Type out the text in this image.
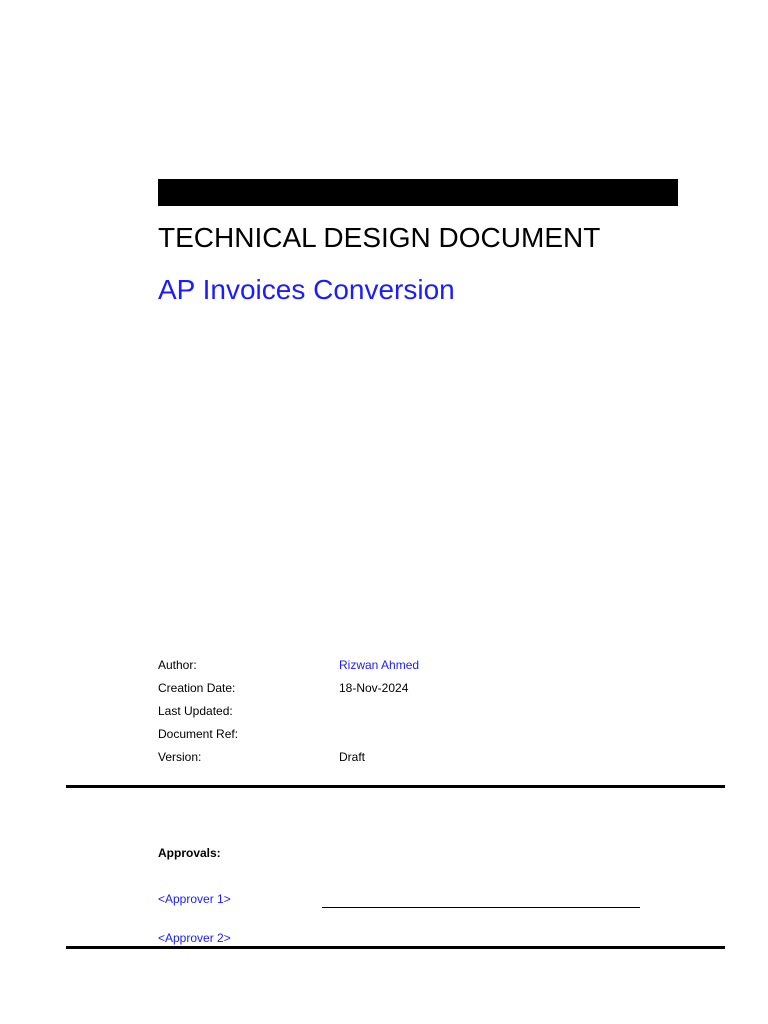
TECHNICAL DESIGN DOCUMENT
AP Invoices Conversion
Author:	Rizwan Ahmed
Creation Date:	18-Nov-2024
Last Updated:
Document Ref:
Version:	Draft
Approvals:
<Approver 1>
<Approver 2>
